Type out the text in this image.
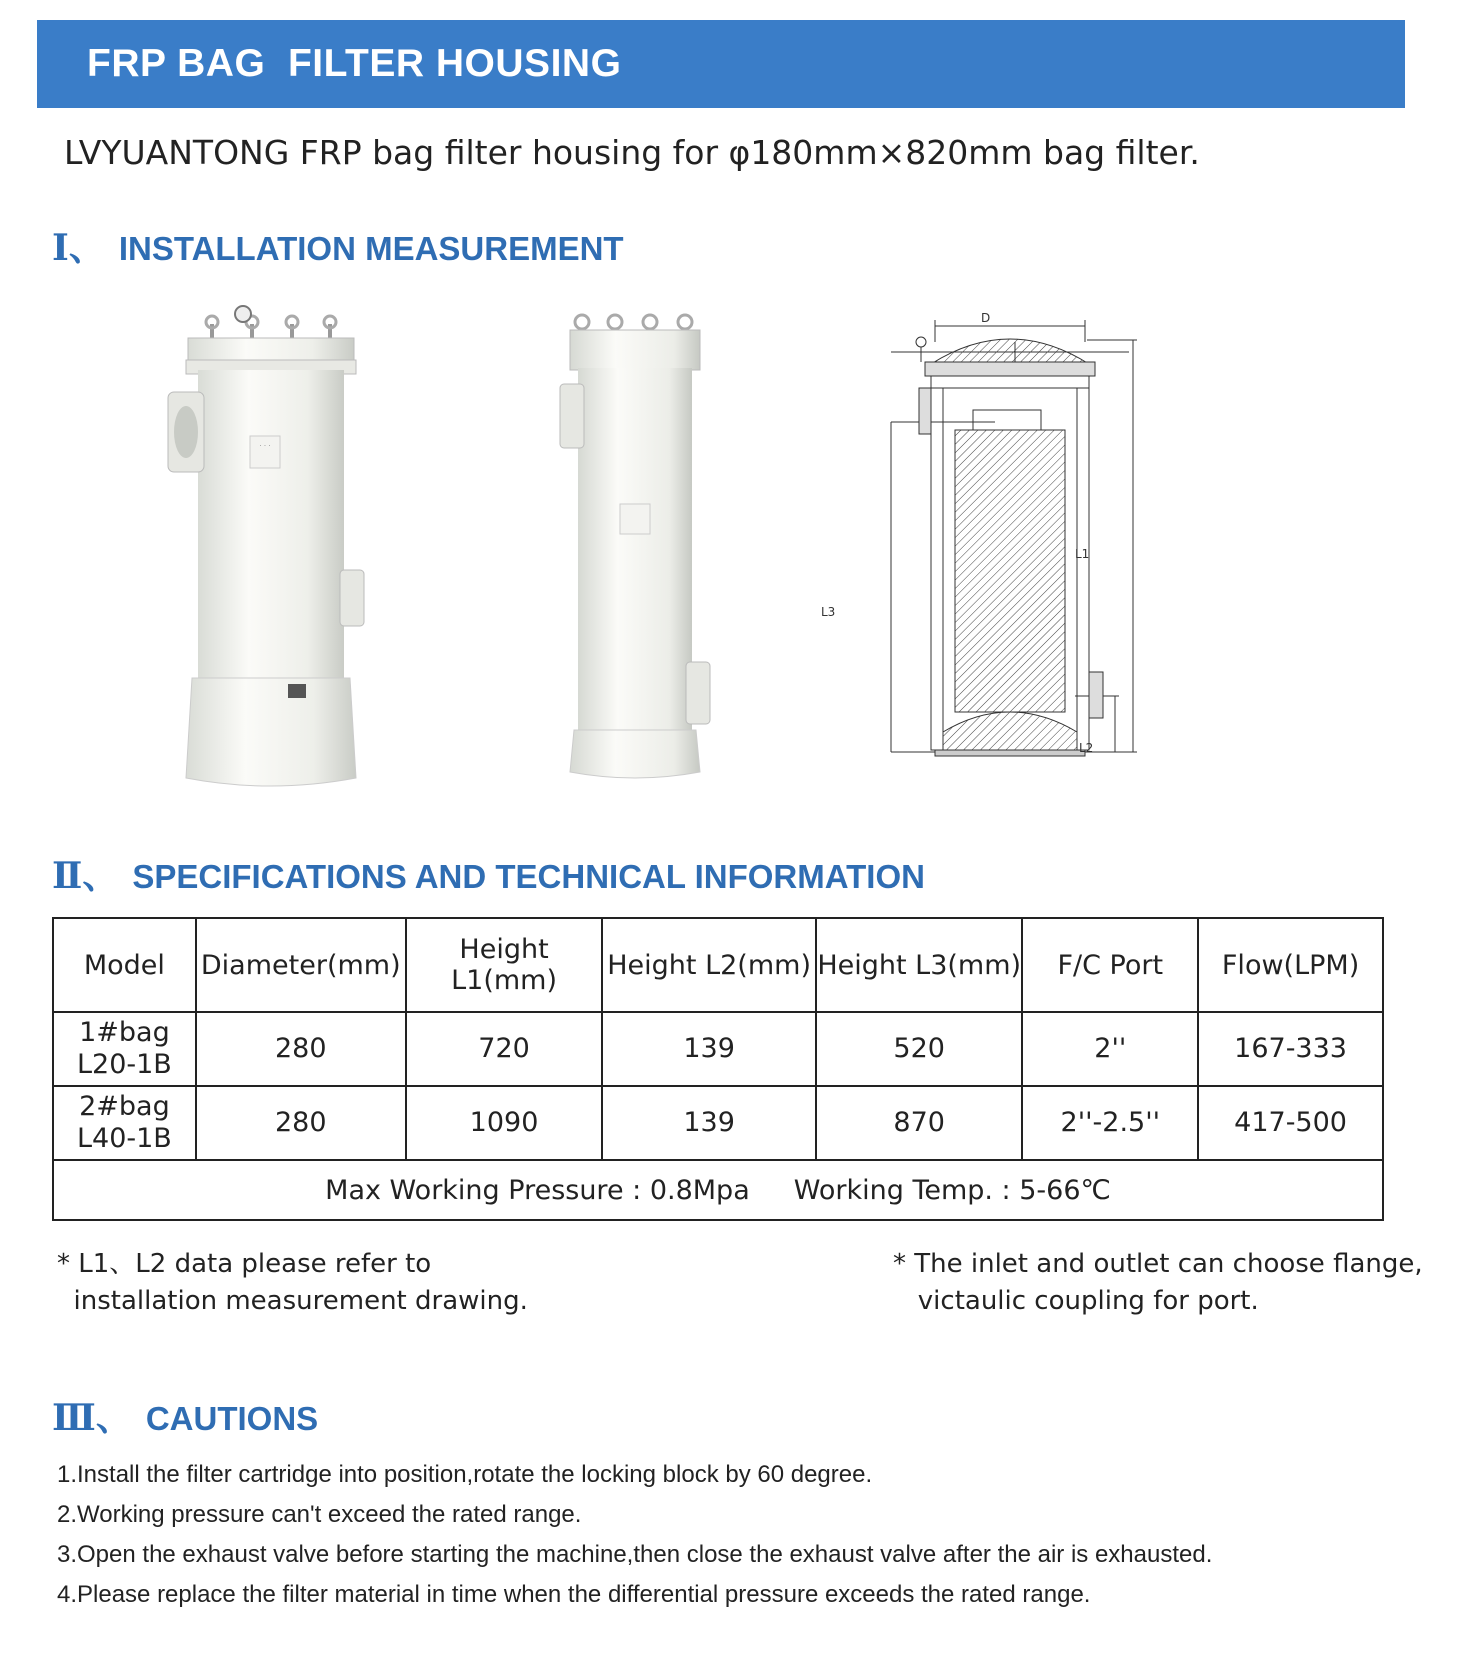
FRP BAG  FILTER HOUSING
LVYUANTONG FRP bag filter housing for φ180mm×820mm bag filter.
Ⅰ、 INSTALLATION MEASUREMENT
· · ·
D
L1
L3
L2
Ⅱ、 SPECIFICATIONS AND TECHNICAL INFORMATION
Model	Diameter(mm)	Height L1(mm)	Height L2(mm)	Height L3(mm)	F/C Port	Flow(LPM)

1#bag
L20-1B	280	720	139	520	2''	167-333

2#bag
L40-1B	280	1090	139	870	2''-2.5''	417-500
Max Working Pressure : 0.8Mpa Working Temp. : 5-66℃						
* L1、L2 data please refer to
installation measurement drawing.
* The inlet and outlet can choose flange,
victaulic coupling for port.
Ⅲ、 CAUTIONS
1.Install the filter cartridge into position,rotate the locking block by 60 degree.
2.Working pressure can't exceed the rated range.
3.Open the exhaust valve before starting the machine,then close the exhaust valve after the air is exhausted.
4.Please replace the filter material in time when the differential pressure exceeds the rated range.
